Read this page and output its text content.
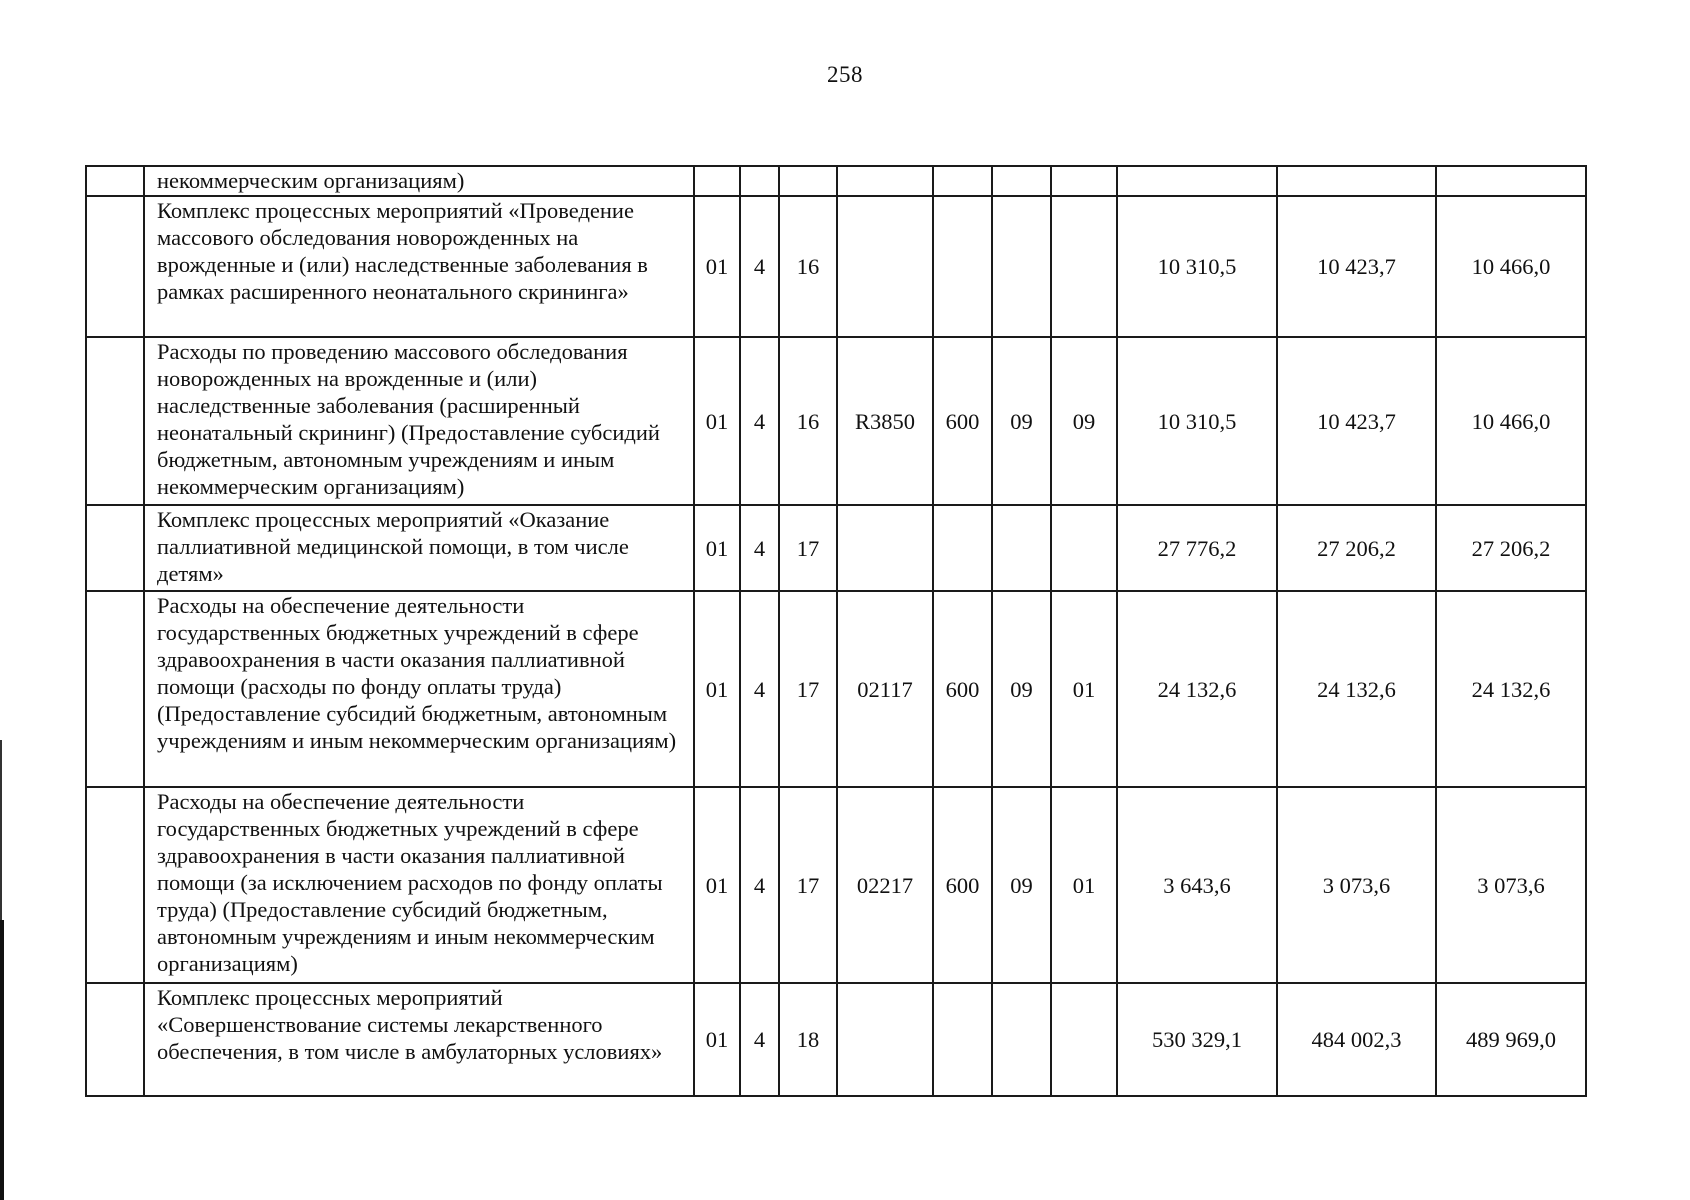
258
	некоммерческим организациям)										
	Комплекс процессных мероприятий «Проведение массового обследования новорожденных на врожденные и (или) наследственные заболевания в рамках расширенного неонатального скрининга»	01	4	16					10 310,5	10 423,7	10 466,0
	Расходы по проведению массового обследования новорожденных на врожденные и (или) наследственные заболевания (расширенный неонатальный скрининг) (Предоставление субсидий бюджетным, автономным учреждениям и иным некоммерческим организациям)	01	4	16	R3850	600	09	09	10 310,5	10 423,7	10 466,0
	Комплекс процессных мероприятий «Оказание паллиативной медицинской помощи, в том числе детям»	01	4	17					27 776,2	27 206,2	27 206,2
	Расходы на обеспечение деятельности государственных бюджетных учреждений в сфере здравоохранения в части оказания паллиативной помощи (расходы по фонду оплаты труда) (Предоставление субсидий бюджетным, автономным учреждениям и иным некоммерческим организациям)	01	4	17	02117	600	09	01	24 132,6	24 132,6	24 132,6
	Расходы на обеспечение деятельности государственных бюджетных учреждений в сфере здравоохранения в части оказания паллиативной помощи (за исключением расходов по фонду оплаты труда) (Предоставление субсидий бюджетным, автономным учреждениям и иным некоммерческим организациям)	01	4	17	02217	600	09	01	3 643,6	3 073,6	3 073,6
	Комплекс процессных мероприятий «Совершенствование системы лекарственного обеспечения, в том числе в амбулаторных условиях»	01	4	18					530 329,1	484 002,3	489 969,0
